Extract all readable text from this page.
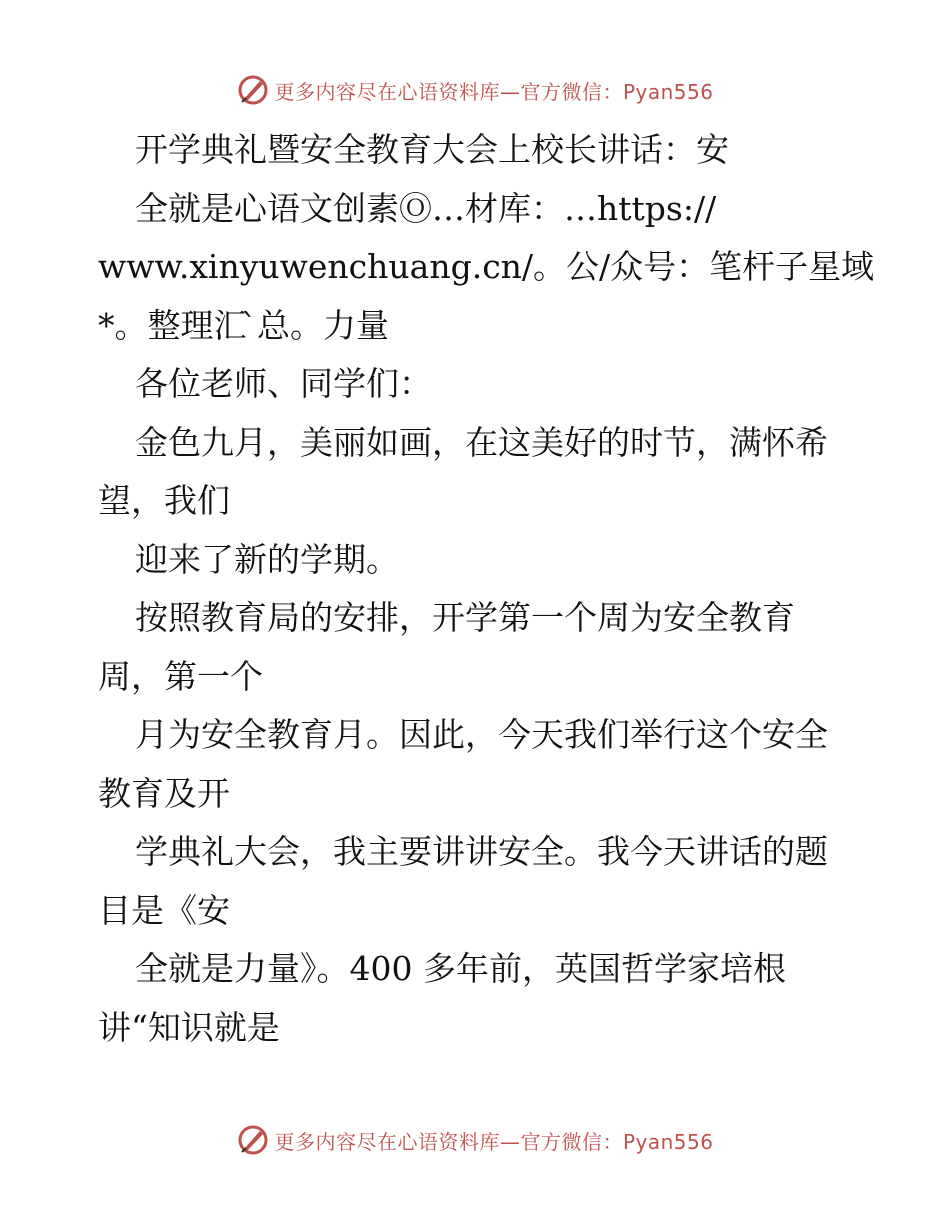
更多内容尽在心语资料库—官方微信：Pyan556
开学典礼暨安全教育大会上校长讲话：安
全就是心语文创素Ⓞ…材库：…https://
www.xinyuwenchuang.cn/。公/众号：笔杆子星域
*。整理汇 ̀总。力量
各位老师、同学们：
金色九月，美丽如画，在这美好的时节，满怀希
望，我们
迎来了新的学期。
按照教育局的安排，开学第一个周为安全教育
周，第一个
月为安全教育月。因此，今天我们举行这个安全
教育及开
学典礼大会，我主要讲讲安全。我今天讲话的题
目是《安
全就是力量》。400 多年前，英国哲学家培根
讲“知识就是
更多内容尽在心语资料库—官方微信：Pyan556
